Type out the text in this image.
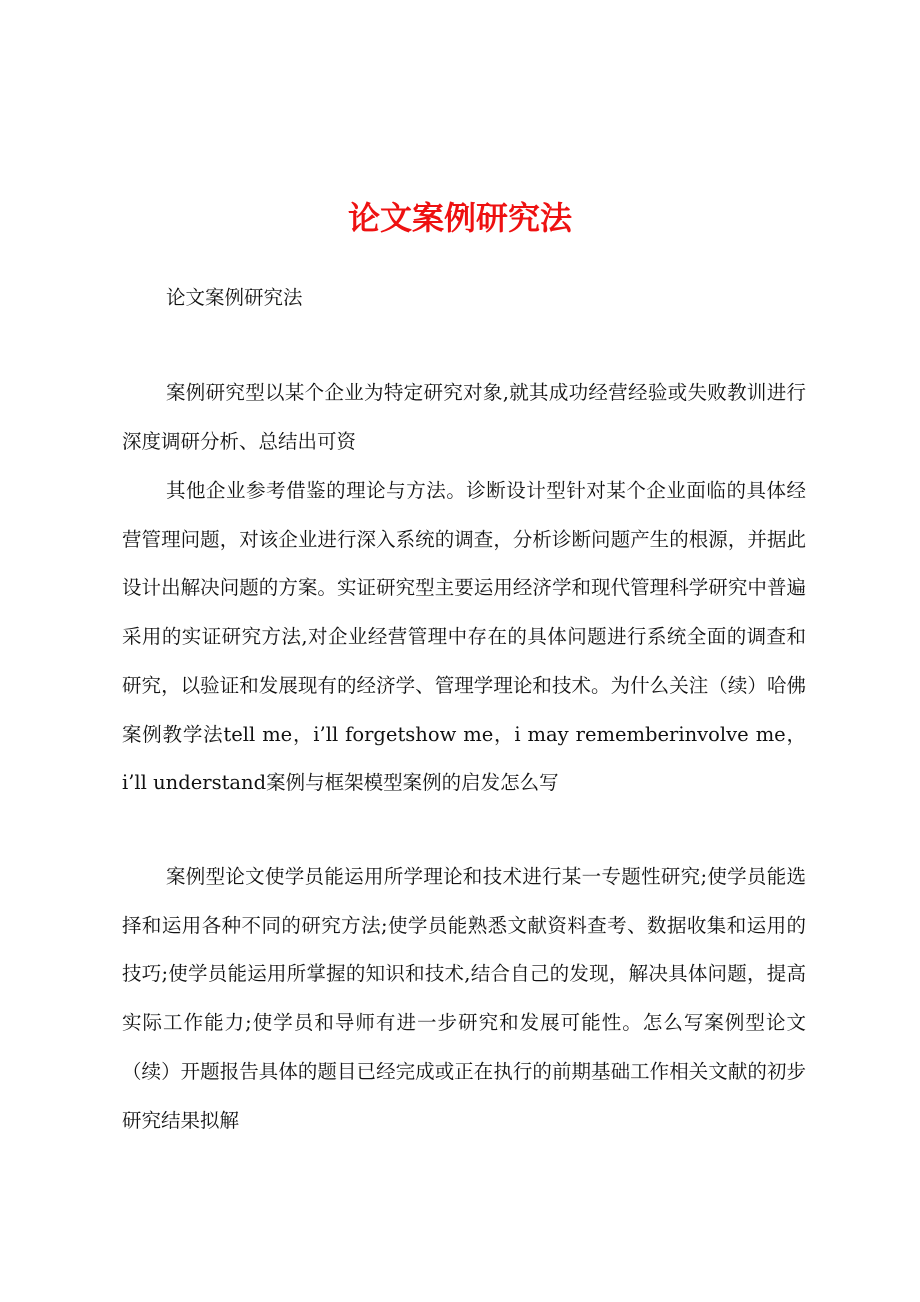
论文案例研究法

论文案例研究法

案例研究型以某个企业为特定研究对象,就其成功经营经验或失败教训进行深度调研分析、总结出可资

其他企业参考借鉴的理论与方法。诊断设计型针对某个企业面临的具体经营管理问题，对该企业进行深入系统的调查，分析诊断问题产生的根源，并据此设计出解决问题的方案。实证研究型主要运用经济学和现代管理科学研究中普遍采用的实证研究方法,对企业经营管理中存在的具体问题进行系统全面的调查和研究，以验证和发展现有的经济学、管理学理论和技术。为什么关注（续）哈佛案例教学法tell me，i’ll forgetshow me，i may rememberinvolve me，i’ll understand案例与框架模型案例的启发怎么写

案例型论文使学员能运用所学理论和技术进行某一专题性研究;使学员能选择和运用各种不同的研究方法;使学员能熟悉文献资料查考、数据收集和运用的技巧;使学员能运用所掌握的知识和技术,结合自己的发现，解决具体问题，提高实际工作能力;使学员和导师有进一步研究和发展可能性。怎么写案例型论文（续）开题报告具体的题目已经完成或正在执行的前期基础工作相关文献的初步研究结果拟解
